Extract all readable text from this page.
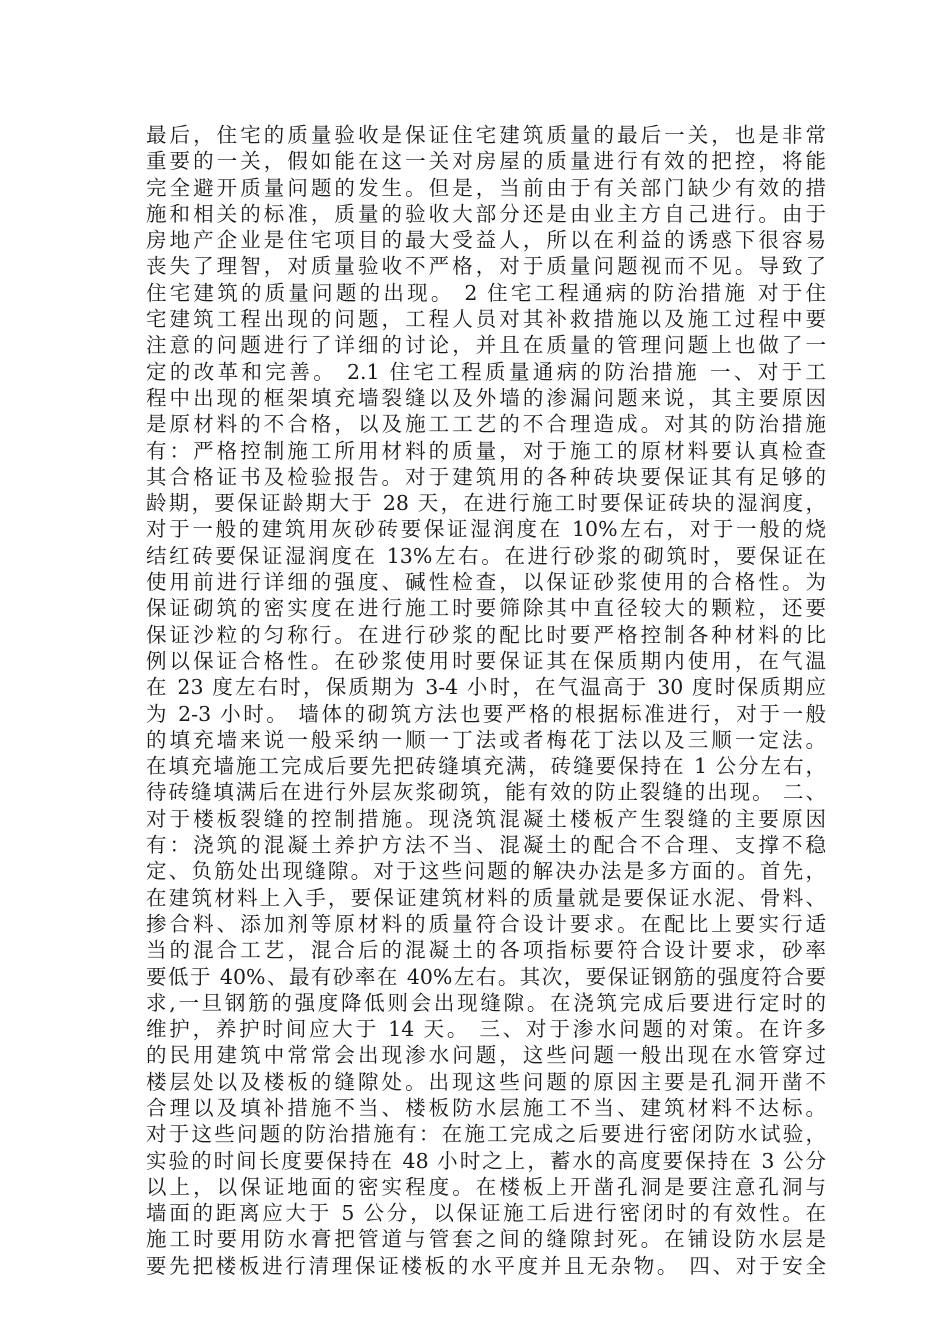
最后，住宅的质量验收是保证住宅建筑质量的最后一关，也是非常
重要的一关，假如能在这一关对房屋的质量进行有效的把控，将能
完全避开质量问题的发生。但是，当前由于有关部门缺少有效的措
施和相关的标准，质量的验收大部分还是由业主方自己进行。由于
房地产企业是住宅项目的最大受益人，所以在利益的诱惑下很容易
丧失了理智，对质量验收不严格，对于质量问题视而不见。导致了
住宅建筑的质量问题的出现。 2 住宅工程通病的防治措施 对于住
宅建筑工程出现的问题，工程人员对其补救措施以及施工过程中要
注意的问题进行了详细的讨论，并且在质量的管理问题上也做了一
定的改革和完善。 2.1 住宅工程质量通病的防治措施 一、对于工
程中出现的框架填充墙裂缝以及外墙的渗漏问题来说，其主要原因
是原材料的不合格，以及施工工艺的不合理造成。对其的防治措施
有：严格控制施工所用材料的质量，对于施工的原材料要认真检查
其合格证书及检验报告。对于建筑用的各种砖块要保证其有足够的
龄期，要保证龄期大于 28 天，在进行施工时要保证砖块的湿润度，
对于一般的建筑用灰砂砖要保证湿润度在 10%左右，对于一般的烧
结红砖要保证湿润度在 13%左右。在进行砂浆的砌筑时，要保证在
使用前进行详细的强度、碱性检查，以保证砂浆使用的合格性。为
保证砌筑的密实度在进行施工时要筛除其中直径较大的颗粒，还要
保证沙粒的匀称行。在进行砂浆的配比时要严格控制各种材料的比
例以保证合格性。在砂浆使用时要保证其在保质期内使用，在气温
在 23 度左右时，保质期为 3-4 小时，在气温高于 30 度时保质期应
为 2-3 小时。 墙体的砌筑方法也要严格的根据标准进行，对于一般
的填充墙来说一般采纳一顺一丁法或者梅花丁法以及三顺一定法。
在填充墙施工完成后要先把砖缝填充满，砖缝要保持在 1 公分左右，
待砖缝填满后在进行外层灰浆砌筑，能有效的防止裂缝的出现。 二、
对于楼板裂缝的控制措施。现浇筑混凝土楼板产生裂缝的主要原因
有：浇筑的混凝土养护方法不当、混凝土的配合不合理、支撑不稳
定、负筋处出现缝隙。对于这些问题的解决办法是多方面的。首先，
在建筑材料上入手，要保证建筑材料的质量就是要保证水泥、骨料、
掺合料、添加剂等原材料的质量符合设计要求。在配比上要实行适
当的混合工艺，混合后的混凝土的各项指标要符合设计要求，砂率
要低于 40%、最有砂率在 40%左右。其次，要保证钢筋的强度符合要
求,一旦钢筋的强度降低则会出现缝隙。在浇筑完成后要进行定时的
维护，养护时间应大于 14 天。 三、对于渗水问题的对策。在许多
的民用建筑中常常会出现渗水问题，这些问题一般出现在水管穿过
楼层处以及楼板的缝隙处。出现这些问题的原因主要是孔洞开凿不
合理以及填补措施不当、楼板防水层施工不当、建筑材料不达标。
对于这些问题的防治措施有：在施工完成之后要进行密闭防水试验，
实验的时间长度要保持在 48 小时之上，蓄水的高度要保持在 3 公分
以上，以保证地面的密实程度。在楼板上开凿孔洞是要注意孔洞与
墙面的距离应大于 5 公分，以保证施工后进行密闭时的有效性。在
施工时要用防水膏把管道与管套之间的缝隙封死。在铺设防水层是
要先把楼板进行清理保证楼板的水平度并且无杂物。 四、对于安全
